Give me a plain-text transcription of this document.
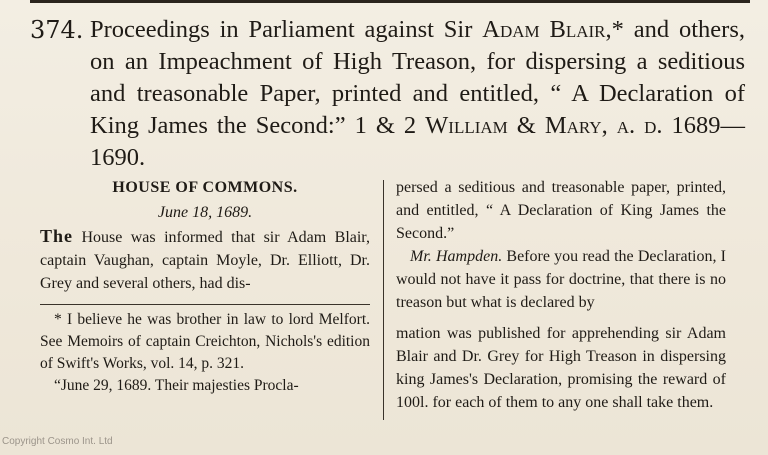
374. Proceedings in Parliament against Sir Adam Blair,* and others, on an Impeachment of High Treason, for dispersing a seditious and treasonable Paper, printed and entitled, “ A Declaration of King James the Second:” 1 & 2 William & Mary, a. d. 1689—1690.
HOUSE OF COMMONS.
June 18, 1689.

The House was informed that sir Adam Blair, captain Vaughan, captain Moyle, Dr. Elliott, Dr. Grey and several others, had dis-

* I believe he was brother in law to lord Melfort. See Memoirs of captain Creichton, Nichols's edition of Swift's Works, vol. 14, p. 321.

“June 29, 1689. Their majesties Procla-

persed a seditious and treasonable paper, printed, and entitled, “ A Declaration of King James the Second.”

Mr. Hampden. Before you read the Declaration, I would not have it pass for doctrine, that there is no treason but what is declared by

mation was published for apprehending sir Adam Blair and Dr. Grey for High Treason in dispersing king James's Declaration, promising the reward of 100l. for each of them to any one shall take them.

Copyright Cosmo Int. Ltd
